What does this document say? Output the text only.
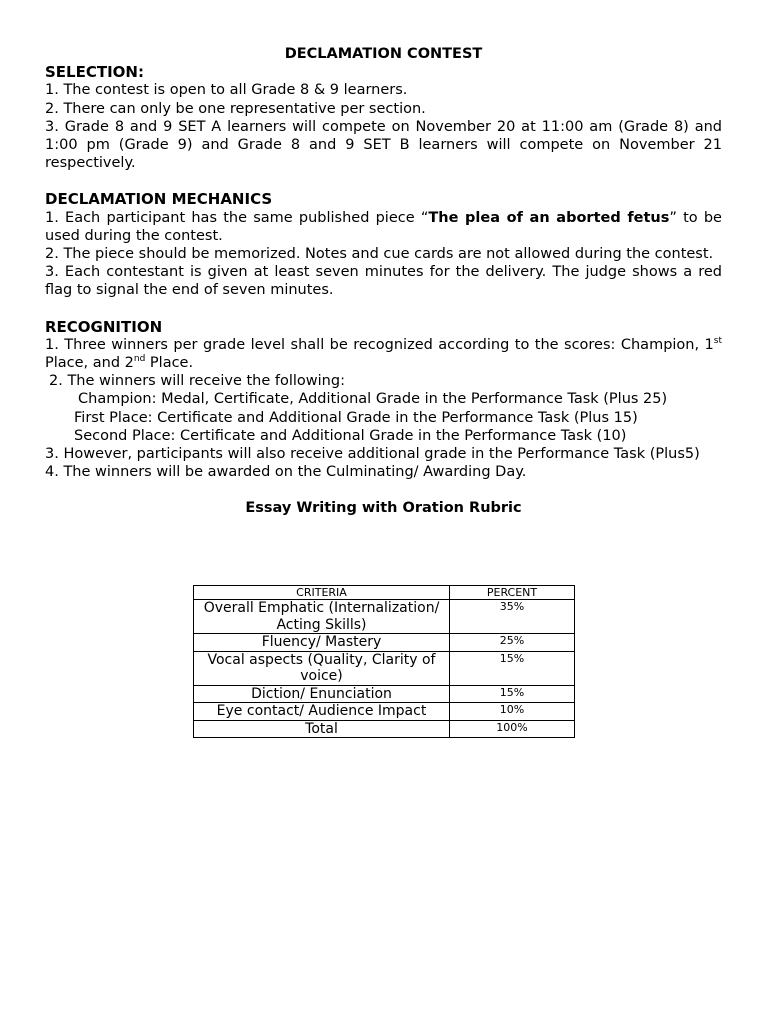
DECLAMATION CONTEST

SELECTION:

1. The contest is open to all Grade 8 & 9 learners.

2. There can only be one representative per section.

3. Grade 8 and 9 SET A learners will compete on November 20 at 11:00 am (Grade 8) and 1:00 pm (Grade 9) and Grade 8 and 9 SET B learners will compete on November 21 respectively.

DECLAMATION MECHANICS

1. Each participant has the same published piece “The plea of an aborted fetus” to be used during the contest.

2. The piece should be memorized. Notes and cue cards are not allowed during the contest.

3. Each contestant is given at least seven minutes for the delivery. The judge shows a red flag to signal the end of seven minutes.

RECOGNITION

1. Three winners per grade level shall be recognized according to the scores: Champion, 1st Place, and 2nd Place.

2. The winners will receive the following:

Champion: Medal, Certificate, Additional Grade in the Performance Task (Plus 25)

First Place: Certificate and Additional Grade in the Performance Task (Plus 15)

Second Place: Certificate and Additional Grade in the Performance Task (10)

3. However, participants will also receive additional grade in the Performance Task (Plus5)

4. The winners will be awarded on the Culminating/ Awarding Day.

Essay Writing with Oration Rubric

CRITERIA	PERCENT
Overall Emphatic (Internalization/ Acting Skills)	35%
Fluency/ Mastery	25%
Vocal aspects (Quality, Clarity of voice)	15%
Diction/ Enunciation	15%
Eye contact/ Audience Impact	10%
Total	100%
